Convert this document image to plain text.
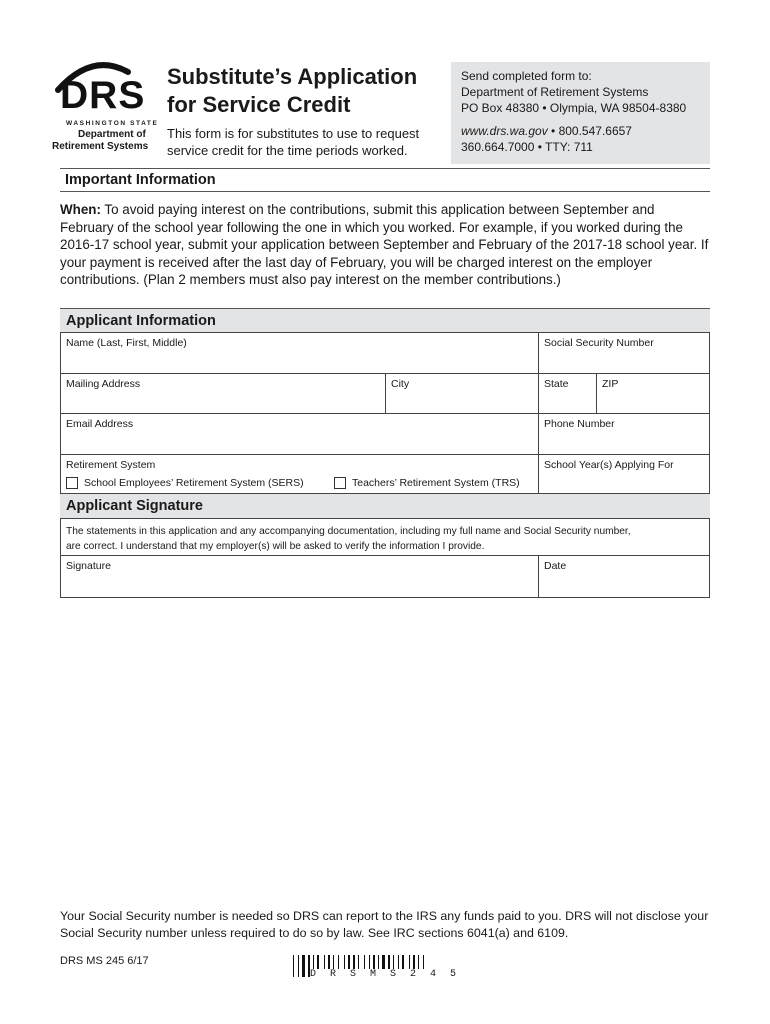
DRS
WASHINGTON STATE
Department of
Retirement Systems
Substitute’s Application
for Service Credit
This form is for substitutes to use to request
service credit for the time periods worked.
Send completed form to:
Department of Retirement Systems
PO Box 48380 • Olympia, WA 98504-8380
www.drs.wa.gov • 800.547.6657
360.664.7000 • TTY: 711
Important Information
When: To avoid paying interest on the contributions, submit this application between September and February of the school year following the one in which you worked. For example, if you worked during the 2016-17 school year, submit your application between September and February of the 2017-18 school year. If your payment is received after the last day of February, you will be charged interest on the employer contributions. (Plan 2 members must also pay interest on the member contributions.)
Applicant Information
Name (Last, First, Middle)	Social Security Number
Mailing Address	City	State	ZIP
Email Address	Phone Number
Retirement System	School Year(s) Applying For
School Employees’ Retirement System (SERS)	Teachers’ Retirement System (TRS)
Applicant Signature
The statements in this application and any accompanying documentation, including my full name and Social Security number,
are correct. I understand that my employer(s) will be asked to verify the information I provide.
Signature	Date
Your Social Security number is needed so DRS can report to the IRS any funds paid to you. DRS will not disclose your
Social Security number unless required to do so by law. See IRC sections 6041(a) and 6109.
DRS MS 245 6/17
DRSMS245
